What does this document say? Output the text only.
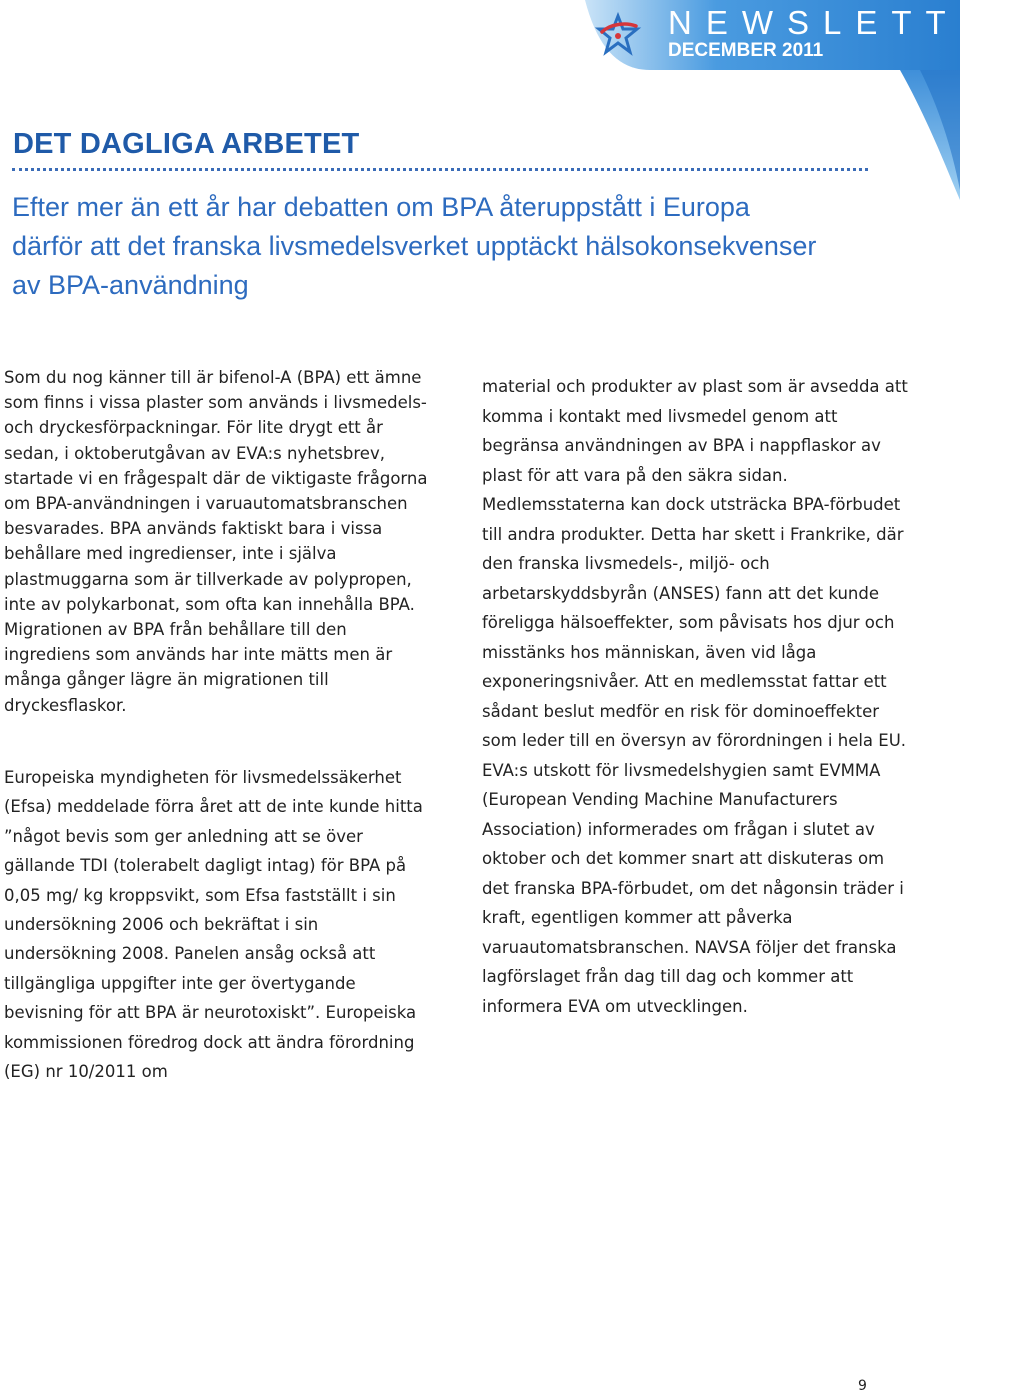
NEWSLETTER
DECEMBER 2011
DET DAGLIGA ARBETET
Efter mer än ett år har debatten om BPA återuppstått i Europa
därför att det franska livsmedelsverket upptäckt hälsokonsekvenser
av BPA-användning

Som du nog känner till är bifenol-A (BPA) ett ämne som finns i vissa plaster som används i livsmedels- och dryckesförpackningar. För lite drygt ett år sedan, i oktoberutgåvan av EVA:s nyhetsbrev, startade vi en frågespalt där de viktigaste frågorna om BPA-användningen i varuautomatsbranschen besvarades. BPA används faktiskt bara i vissa behållare med ingredienser, inte i själva plastmuggarna som är tillverkade av polypropen, inte av polykarbonat, som ofta kan innehålla BPA. Migrationen av BPA från behållare till den ingrediens som används har inte mätts men är många gånger lägre än migrationen till dryckesflaskor.

Europeiska myndigheten för livsmedelssäkerhet (Efsa) meddelade förra året att de inte kunde hitta ”något bevis som ger anledning att se över gällande TDI (tolerabelt dagligt intag) för BPA på 0,05 mg/ kg kroppsvikt, som Efsa fastställt i sin undersökning 2006 och bekräftat i sin undersökning 2008. Panelen ansåg också att tillgängliga uppgifter inte ger övertygande bevisning för att BPA är neurotoxiskt”. Europeiska kommissionen föredrog dock att ändra förordning (EG) nr 10/2011 om

material och produkter av plast som är avsedda att komma i kontakt med livsmedel genom att begränsa användningen av BPA i nappflaskor av plast för att vara på den säkra sidan.

Medlemsstaterna kan dock utsträcka BPA-förbudet till andra produkter. Detta har skett i Frankrike, där den franska livsmedels-, miljö- och arbetarskyddsbyrån (ANSES) fann att det kunde föreligga hälsoeffekter, som påvisats hos djur och misstänks hos människan, även vid låga exponeringsnivåer. Att en medlemsstat fattar ett sådant beslut medför en risk för dominoeffekter som leder till en översyn av förordningen i hela EU.

EVA:s utskott för livsmedelshygien samt EVMMA (European Vending Machine Manufacturers Association) informerades om frågan i slutet av oktober och det kommer snart att diskuteras om det franska BPA-förbudet, om det någonsin träder i kraft, egentligen kommer att påverka varuautomatsbranschen. NAVSA följer det franska lagförslaget från dag till dag och kommer att informera EVA om utvecklingen.

9
